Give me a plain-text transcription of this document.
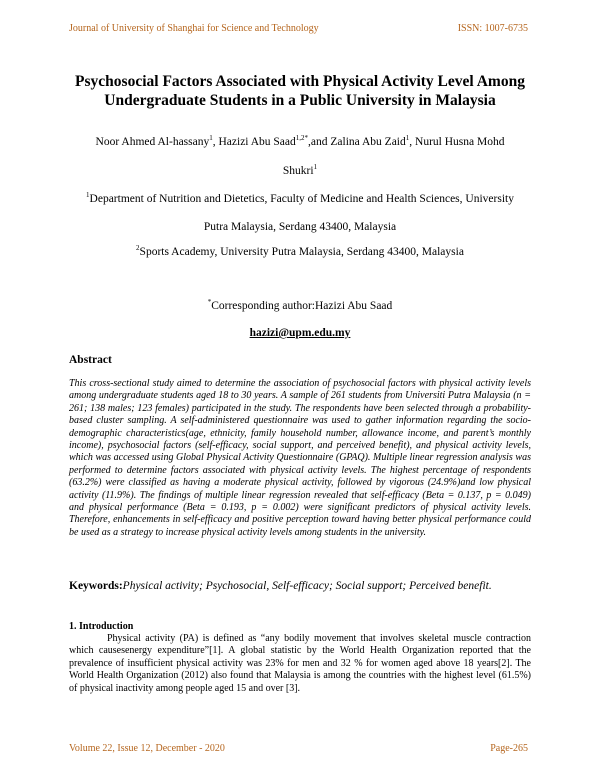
Journal of University of Shanghai for Science and Technology	ISSN: 1007-6735
Psychosocial Factors Associated with Physical Activity Level Among
Undergraduate Students in a Public University in Malaysia
Noor Ahmed Al-hassany$^1$, Hazizi Abu Saad$^{1,2*}$,and Zalina Abu Zaid$^1$, Nurul Husna Mohd
Shukri$^1$
$^1$Department of Nutrition and Dietetics, Faculty of Medicine and Health Sciences, University
Putra Malaysia, Serdang 43400, Malaysia
$^2$Sports Academy, University Putra Malaysia, Serdang 43400, Malaysia
*Corresponding author:Hazizi Abu Saad
hazizi@upm.edu.my
Abstract
This cross-sectional study aimed to determine the association of psychosocial factors with physical activity levels among undergraduate students aged 18 to 30 years. A sample of 261 students from Universiti Putra Malaysia (n = 261; 138 males; 123 females) participated in the study. The respondents have been selected through a probability-based cluster sampling. A self-administered questionnaire was used to gather information regarding the socio-demographic characteristics(age, ethnicity, family household number, allowance income, and parent’s monthly income), psychosocial factors (self-efficacy, social support, and perceived benefit), and physical activity levels, which was accessed using Global Physical Activity Questionnaire (GPAQ). Multiple linear regression analysis was performed to determine factors associated with physical activity levels. The highest percentage of respondents (63.2%) were classified as having a moderate physical activity, followed by vigorous (24.9%)and low physical activity (11.9%). The findings of multiple linear regression revealed that self-efficacy (Beta = 0.137, p = 0.049) and physical performance (Beta = 0.193, p = 0.002) were significant predictors of physical activity levels. Therefore, enhancements in self-efficacy and positive perception toward having better physical performance could be used as a strategy to increase physical activity levels among students in the university.
Keywords:Physical activity; Psychosocial, Self-efficacy; Social support; Perceived benefit.
1. Introduction
Physical activity (PA) is defined as “any bodily movement that involves skeletal muscle contraction which causesenergy expenditure”[1]. A global statistic by the World Health Organization reported that the prevalence of insufficient physical activity was 23% for men and 32 % for women aged above 18 years[2]. The World Health Organization (2012) also found that Malaysia is among the countries with the highest level (61.5%) of physical inactivity among people aged 15 and over [3].
Volume 22, Issue 12, December - 2020	Page-265
